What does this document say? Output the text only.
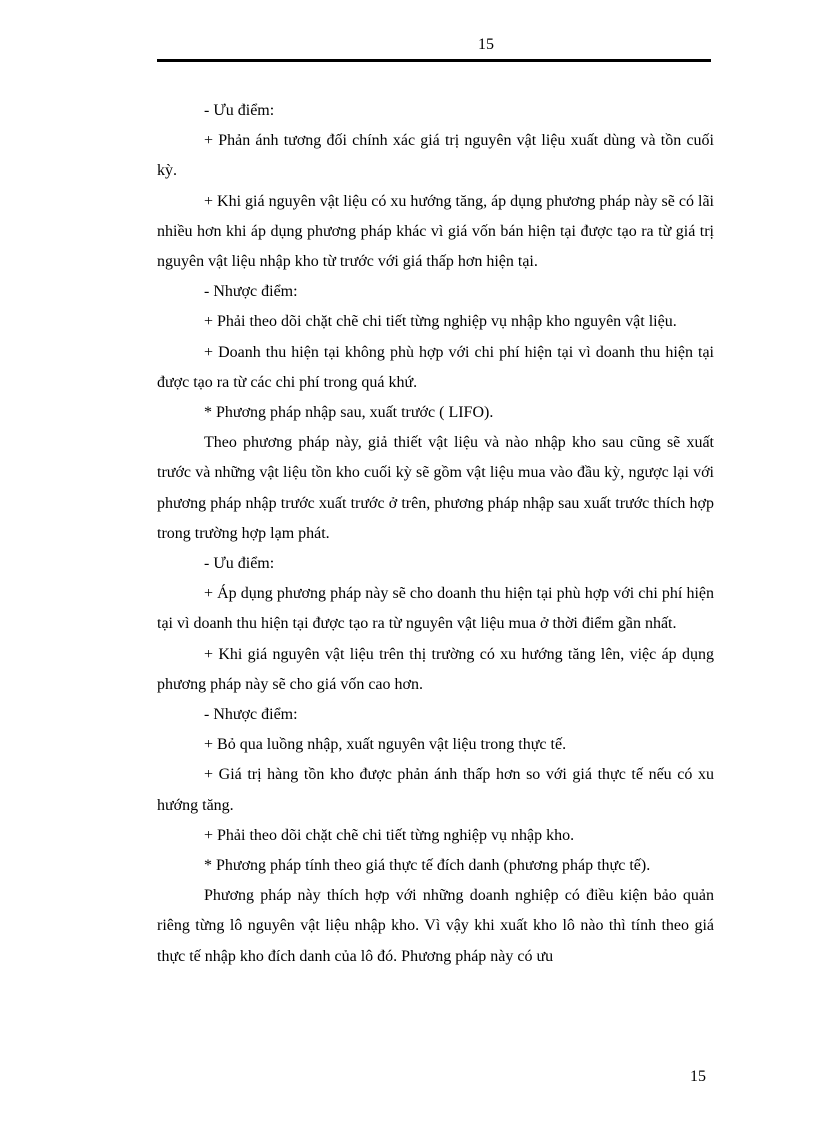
15

- Ưu điểm:

+ Phản ánh tương đối chính xác giá trị nguyên vật liệu xuất dùng và tồn cuối kỳ.

+ Khi giá nguyên vật liệu có xu hướng tăng, áp dụng phương pháp này sẽ có lãi nhiều hơn khi áp dụng phương pháp khác vì giá vốn bán hiện tại được tạo ra từ giá trị nguyên vật liệu nhập kho từ trước với giá thấp hơn hiện tại.

- Nhược điểm:

+ Phải theo dõi chặt chẽ chi tiết từng nghiệp vụ nhập kho nguyên vật liệu.

+ Doanh thu hiện tại không phù hợp với chi phí hiện tại vì doanh thu hiện tại được tạo ra từ các chi phí trong quá khứ.

* Phương pháp nhập sau, xuất trước ( LIFO).

Theo phương pháp này, giả thiết vật liệu và nào nhập kho sau cũng sẽ xuất trước và những vật liệu tồn kho cuối kỳ sẽ gồm vật liệu mua vào đầu kỳ, ngược lại với phương pháp nhập trước xuất trước ở trên, phương pháp nhập sau xuất trước thích hợp trong trường hợp lạm phát.

- Ưu điểm:

+ Áp dụng phương pháp này sẽ cho doanh thu hiện tại phù hợp với chi phí hiện tại vì doanh thu hiện tại được tạo ra từ nguyên vật liệu mua ở thời điểm gần nhất.

+ Khi giá nguyên vật liệu trên thị trường có xu hướng tăng lên, việc áp dụng phương pháp này sẽ cho giá vốn cao hơn.

- Nhược điểm:

+ Bỏ qua luồng nhập, xuất nguyên vật liệu trong thực tế.

+ Giá trị hàng tồn kho được phản ánh thấp hơn so với giá thực tế nếu có xu hướng tăng.

+ Phải theo dõi chặt chẽ chi tiết từng nghiệp vụ nhập kho.

* Phương pháp tính theo giá thực tế đích danh (phương pháp thực tế).

Phương pháp này thích hợp với những doanh nghiệp có điều kiện bảo quản riêng từng lô nguyên vật liệu nhập kho. Vì vậy khi xuất kho lô nào thì tính theo giá thực tế nhập kho đích danh của lô đó. Phương pháp này có ưu

15
